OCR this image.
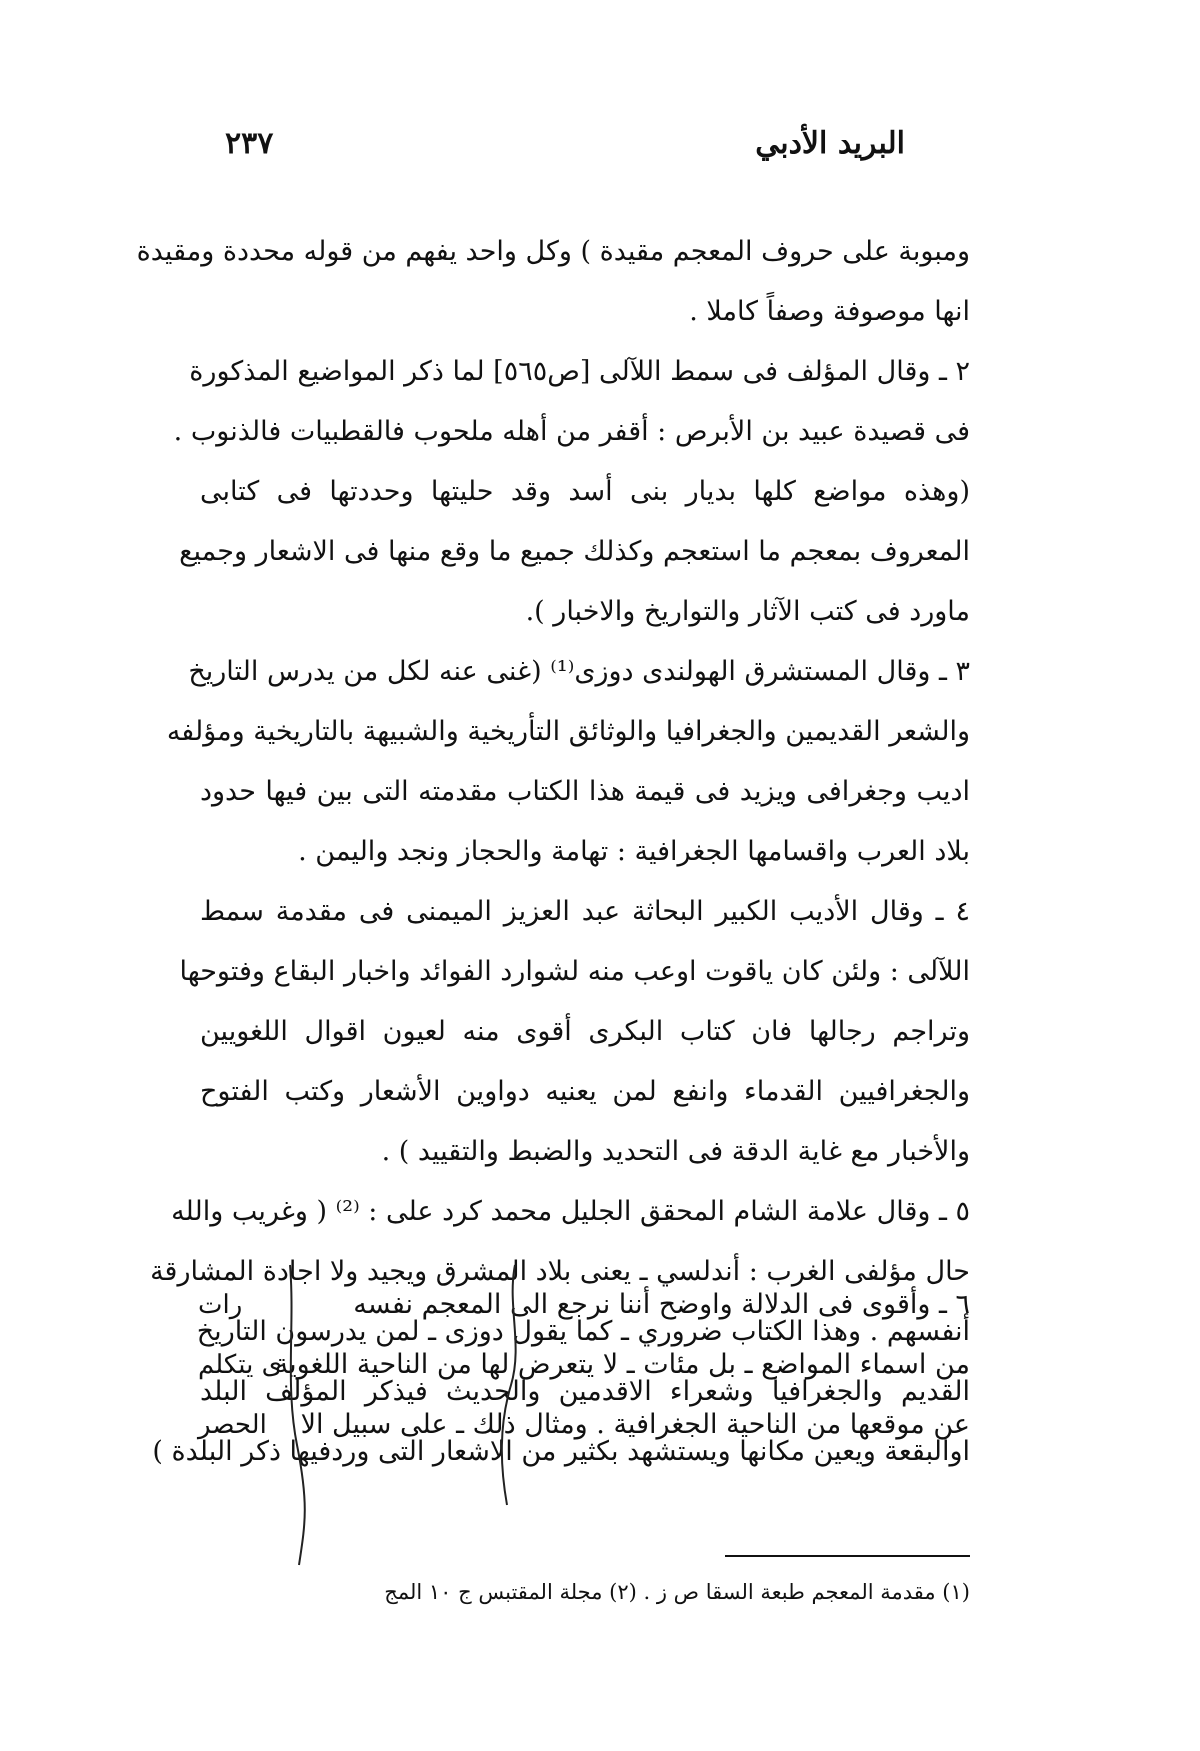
البريد الأدبي
٢٣٧
ومبوبة على حروف المعجم مقيدة ) وكل واحد يفهم من قوله محددة ومقيدة
انها موصوفة وصفاً كاملا .
٢ ـ وقال المؤلف فى سمط اللآلى [ص٥٦٥] لما ذكر المواضيع المذكورة
فى قصيدة عبيد بن الأبرص : أقفر من أهله ملحوب فالقطبيات فالذنوب .
(وهذه مواضع كلها بديار بنى أسد وقد حليتها وحددتها فى كتابى
المعروف بمعجم ما استعجم وكذلك جميع ما وقع منها فى الاشعار وجميع
ماورد فى كتب الآثار والتواريخ والاخبار ).
٣ ـ وقال المستشرق الهولندى دوزى⁽¹⁾ (غنى عنه لكل من يدرس التاريخ
والشعر القديمين والجغرافيا والوثائق التأريخية والشبيهة بالتاريخية ومؤلفه
اديب وجغرافى ويزيد فى قيمة هذا الكتاب مقدمته التى بين فيها حدود
بلاد العرب واقسامها الجغرافية : تهامة والحجاز ونجد واليمن .
٤ ـ وقال الأديب الكبير البحاثة عبد العزيز الميمنى فى مقدمة سمط
اللآلى : ولئن كان ياقوت اوعب منه لشوارد الفوائد واخبار البقاع وفتوحها
وتراجم رجالها فان كتاب البكرى أقوى منه لعيون اقوال اللغويين
والجغرافيين القدماء وانفع لمن يعنيه دواوين الأشعار وكتب الفتوح
والأخبار مع غاية الدقة فى التحديد والضبط والتقييد ) .
٥ ـ وقال علامة الشام المحقق الجليل محمد كرد على : ⁽²⁾ ( وغريب والله
حال مؤلفى الغرب : أندلسي ـ يعنى بلاد المشرق ويجيد ولا اجادة المشارقة
أنفسهم . وهذا الكتاب ضروري ـ كما يقول دوزى ـ لمن يدرسون التاريخ
القديم والجغرافيا وشعراء الاقدمين والحديث فيذكر المؤلف البلد
اوالبقعة ويعين مكانها ويستشهد بكثير من الاشعار التى وردفيها ذكر البلدة )
٦ ـ وأقوى فى الدلالة واوضح أننا نرجع الى المعجم نفسه
من اسماء المواضع ـ بل مئات ـ لا يتعرض لها من الناحية اللغوية
عن موقعها من الناحية الجغرافية . ومثال ذلك ـ على سبيل الا
رات
ى يتكلم
الحصر
(١) مقدمة المعجم طبعة السقا ص ز . (٢) مجلة المقتبس ج ١٠ المج
